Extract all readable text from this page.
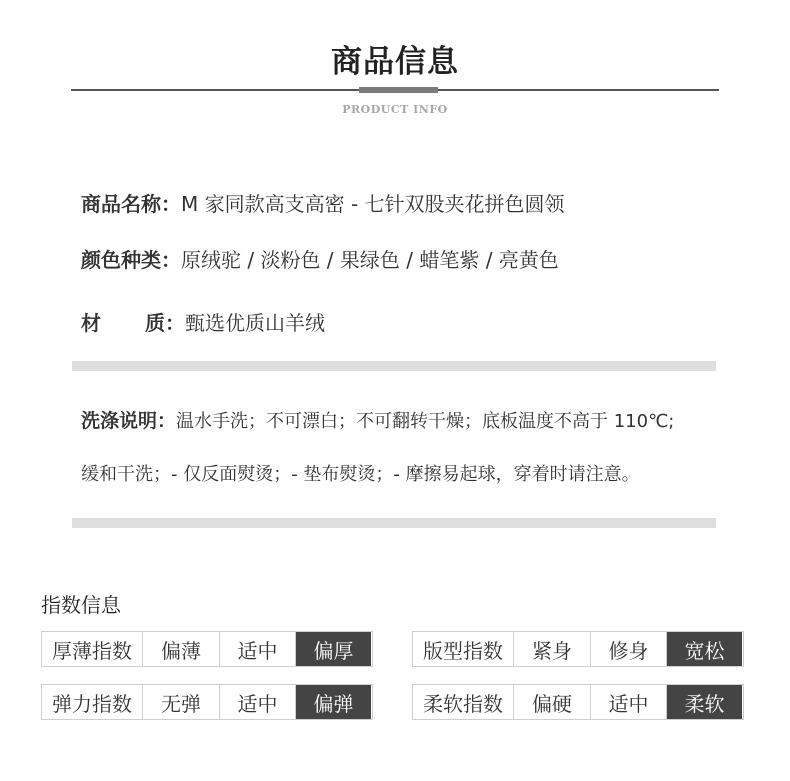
商品信息
PRODUCT INFO
商品名称：M 家同款高支高密 - 七针双股夹花拼色圆领
颜色种类：原绒驼 / 淡粉色 / 果绿色 / 蜡笔紫 / 亮黄色
材 质：甄选优质山羊绒
洗涤说明：温水手洗；不可漂白；不可翻转干燥；底板温度不高于 110℃;
缓和干洗；- 仅反面熨烫；- 垫布熨烫；- 摩擦易起球，穿着时请注意。
指数信息
厚薄指数	偏薄	适中	偏厚	版型指数	紧身	修身	宽松
弹力指数	无弹	适中	偏弹	柔软指数	偏硬	适中	柔软
